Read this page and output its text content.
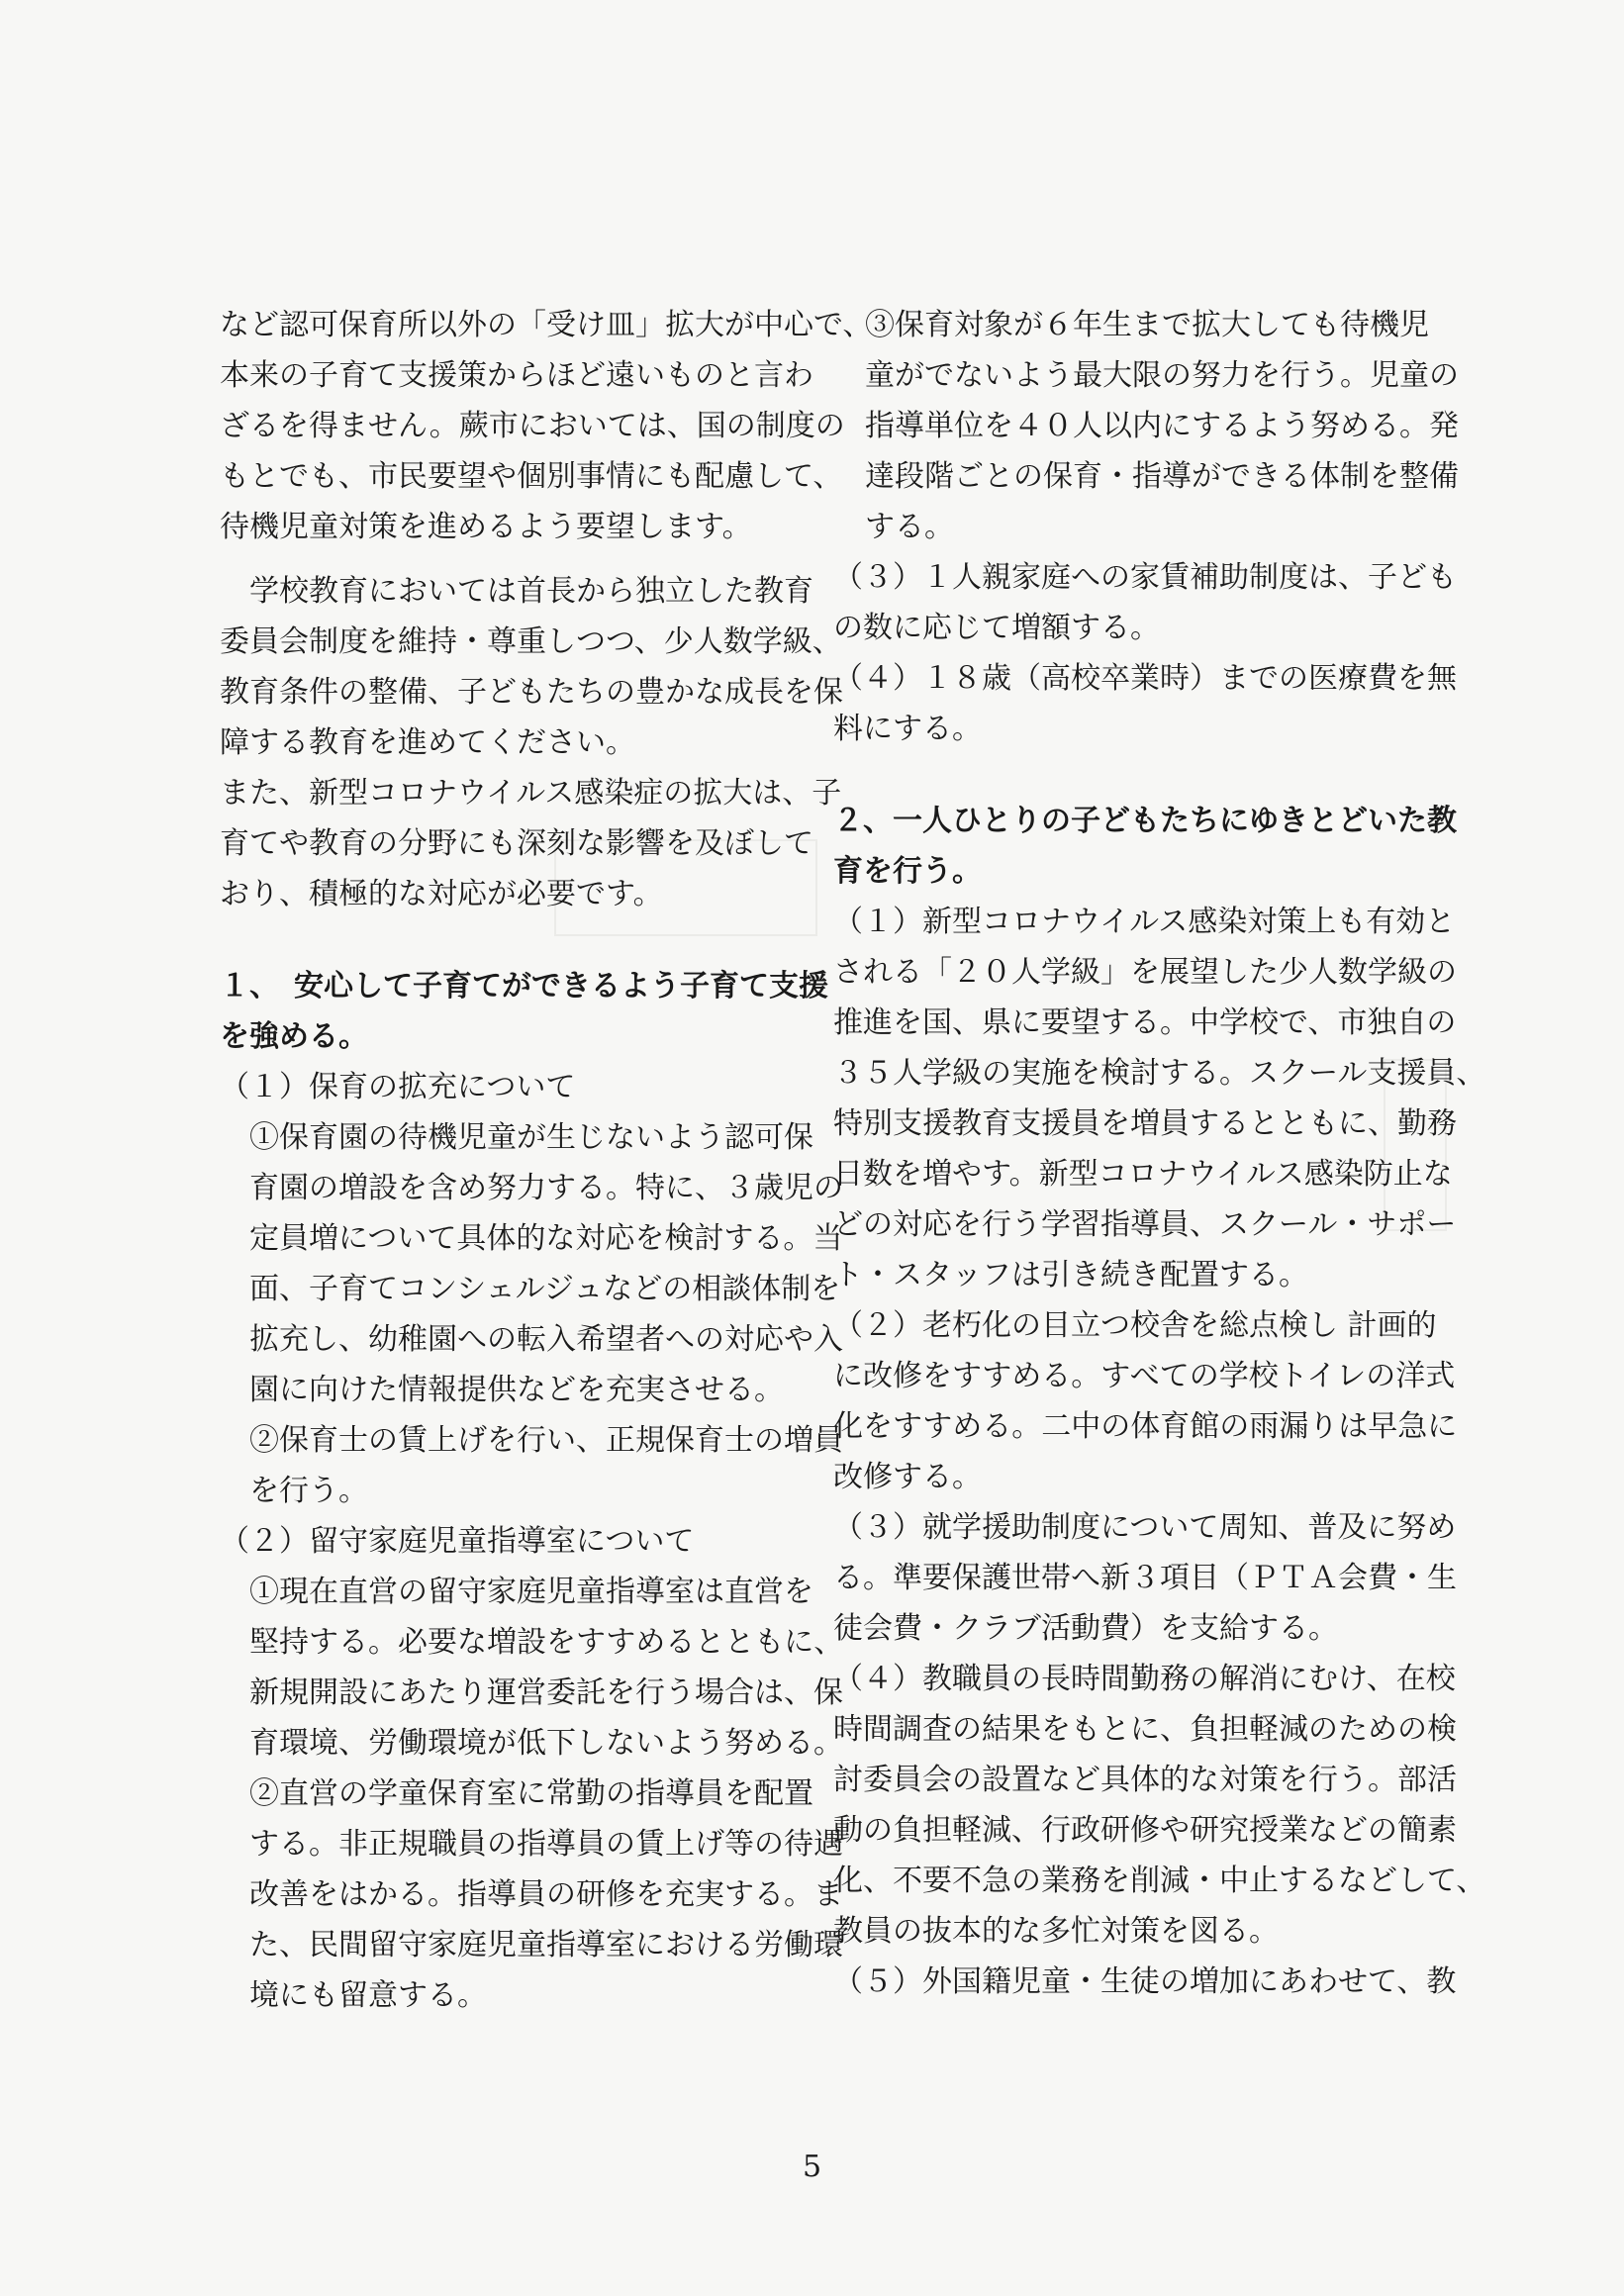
など認可保育所以外の「受け皿」拡大が中心で、
本来の子育て支援策からほど遠いものと言わ
ざるを得ません。蕨市においては、国の制度の
もとでも、市民要望や個別事情にも配慮して、
待機児童対策を進めるよう要望します。
　学校教育においては首長から独立した教育
委員会制度を維持・尊重しつつ、少人数学級、
教育条件の整備、子どもたちの豊かな成長を保
障する教育を進めてください。
また、新型コロナウイルス感染症の拡大は、子
育てや教育の分野にも深刻な影響を及ぼして
おり、積極的な対応が必要です。
１、　安心して子育てができるよう子育て支援
を強める。
（１）保育の拡充について
　①保育園の待機児童が生じないよう認可保
　育園の増設を含め努力する。特に、３歳児の
　定員増について具体的な対応を検討する。当
　面、子育てコンシェルジュなどの相談体制を
　拡充し、幼稚園への転入希望者への対応や入
　園に向けた情報提供などを充実させる。
　②保育士の賃上げを行い、正規保育士の増員
　を行う。
（２）留守家庭児童指導室について
　①現在直営の留守家庭児童指導室は直営を
　堅持する。必要な増設をすすめるとともに、
　新規開設にあたり運営委託を行う場合は、保
　育環境、労働環境が低下しないよう努める。
　②直営の学童保育室に常勤の指導員を配置
　する。非正規職員の指導員の賃上げ等の待遇
　改善をはかる。指導員の研修を充実する。ま
　た、民間留守家庭児童指導室における労働環
　境にも留意する。
③保育対象が６年生まで拡大しても待機児
童がでないよう最大限の努力を行う。児童の
指導単位を４０人以内にするよう努める。発
達段階ごとの保育・指導ができる体制を整備
する。
（３）１人親家庭への家賃補助制度は、子ども
の数に応じて増額する。
（４）１８歳（高校卒業時）までの医療費を無
料にする。
２、一人ひとりの子どもたちにゆきとどいた教
育を行う。
（１）新型コロナウイルス感染対策上も有効と
される「２０人学級」を展望した少人数学級の
推進を国、県に要望する。中学校で、市独自の
３５人学級の実施を検討する。スクール支援員、
特別支援教育支援員を増員するとともに、勤務
日数を増やす。新型コロナウイルス感染防止な
どの対応を行う学習指導員、スクール・サポー
ト・スタッフは引き続き配置する。
（２）老朽化の目立つ校舎を総点検し 計画的
に改修をすすめる。すべての学校トイレの洋式
化をすすめる。二中の体育館の雨漏りは早急に
改修する。
（３）就学援助制度について周知、普及に努め
る。準要保護世帯へ新３項目（ＰＴＡ会費・生
徒会費・クラブ活動費）を支給する。
（４）教職員の長時間勤務の解消にむけ、在校
時間調査の結果をもとに、負担軽減のための検
討委員会の設置など具体的な対策を行う。部活
動の負担軽減、行政研修や研究授業などの簡素
化、不要不急の業務を削減・中止するなどして、
教員の抜本的な多忙対策を図る。
（５）外国籍児童・生徒の増加にあわせて、教
5
